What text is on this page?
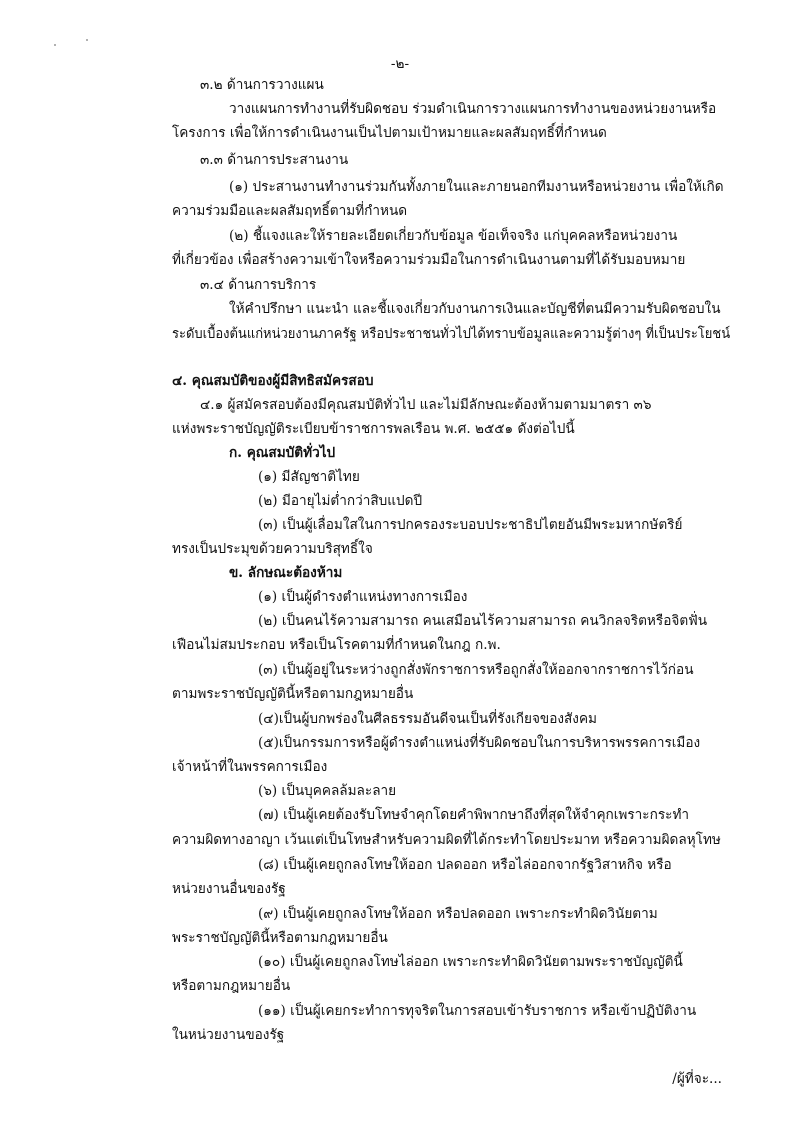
-๒-
๓.๒ ด้านการวางแผน
วางแผนการทำงานที่รับผิดชอบ ร่วมดำเนินการวางแผนการทำงานของหน่วยงานหรือ
โครงการ เพื่อให้การดำเนินงานเป็นไปตามเป้าหมายและผลสัมฤทธิ์ที่กำหนด
๓.๓ ด้านการประสานงาน
(๑) ประสานงานทำงานร่วมกันทั้งภายในและภายนอกทีมงานหรือหน่วยงาน เพื่อให้เกิด
ความร่วมมือและผลสัมฤทธิ์ตามที่กำหนด
(๒) ชี้แจงและให้รายละเอียดเกี่ยวกับข้อมูล ข้อเท็จจริง แก่บุคคลหรือหน่วยงาน
ที่เกี่ยวข้อง เพื่อสร้างความเข้าใจหรือความร่วมมือในการดำเนินงานตามที่ได้รับมอบหมาย
๓.๔ ด้านการบริการ
ให้คำปรึกษา แนะนำ และชี้แจงเกี่ยวกับงานการเงินและบัญชีที่ตนมีความรับผิดชอบใน
ระดับเบื้องต้นแก่หน่วยงานภาครัฐ หรือประชาชนทั่วไปได้ทราบข้อมูลและความรู้ต่างๆ ที่เป็นประโยชน์
๔. คุณสมบัติของผู้มีสิทธิสมัครสอบ
๔.๑ ผู้สมัครสอบต้องมีคุณสมบัติทั่วไป และไม่มีลักษณะต้องห้ามตามมาตรา ๓๖
แห่งพระราชบัญญัติระเบียบข้าราชการพลเรือน พ.ศ. ๒๕๕๑ ดังต่อไปนี้
ก. คุณสมบัติทั่วไป
(๑) มีสัญชาติไทย
(๒) มีอายุไม่ต่ำกว่าสิบแปดปี
(๓) เป็นผู้เลื่อมใสในการปกครองระบอบประชาธิปไตยอันมีพระมหากษัตริย์
ทรงเป็นประมุขด้วยความบริสุทธิ์ใจ
ข. ลักษณะต้องห้าม
(๑) เป็นผู้ดำรงตำแหน่งทางการเมือง
(๒) เป็นคนไร้ความสามารถ คนเสมือนไร้ความสามารถ คนวิกลจริตหรือจิตฟั่น
เฟือนไม่สมประกอบ หรือเป็นโรคตามที่กำหนดในกฎ ก.พ.
(๓) เป็นผู้อยู่ในระหว่างถูกสั่งพักราชการหรือถูกสั่งให้ออกจากราชการไว้ก่อน
ตามพระราชบัญญัตินี้หรือตามกฎหมายอื่น
(๔)เป็นผู้บกพร่องในศีลธรรมอันดีจนเป็นที่รังเกียจของสังคม
(๕)เป็นกรรมการหรือผู้ดำรงตำแหน่งที่รับผิดชอบในการบริหารพรรคการเมือง
เจ้าหน้าที่ในพรรคการเมือง
(๖) เป็นบุคคลล้มละลาย
(๗) เป็นผู้เคยต้องรับโทษจำคุกโดยคำพิพากษาถึงที่สุดให้จำคุกเพราะกระทำ
ความผิดทางอาญา เว้นแต่เป็นโทษสำหรับความผิดที่ได้กระทำโดยประมาท หรือความผิดลหุโทษ
(๘) เป็นผู้เคยถูกลงโทษให้ออก ปลดออก หรือไล่ออกจากรัฐวิสาหกิจ หรือ
หน่วยงานอื่นของรัฐ
(๙) เป็นผู้เคยถูกลงโทษให้ออก หรือปลดออก เพราะกระทำผิดวินัยตาม
พระราชบัญญัตินี้หรือตามกฎหมายอื่น
(๑๐) เป็นผู้เคยถูกลงโทษไล่ออก เพราะกระทำผิดวินัยตามพระราชบัญญัตินี้
หรือตามกฎหมายอื่น
(๑๑) เป็นผู้เคยกระทำการทุจริตในการสอบเข้ารับราชการ หรือเข้าปฏิบัติงาน
ในหน่วยงานของรัฐ
/ผู้ที่จะ...
